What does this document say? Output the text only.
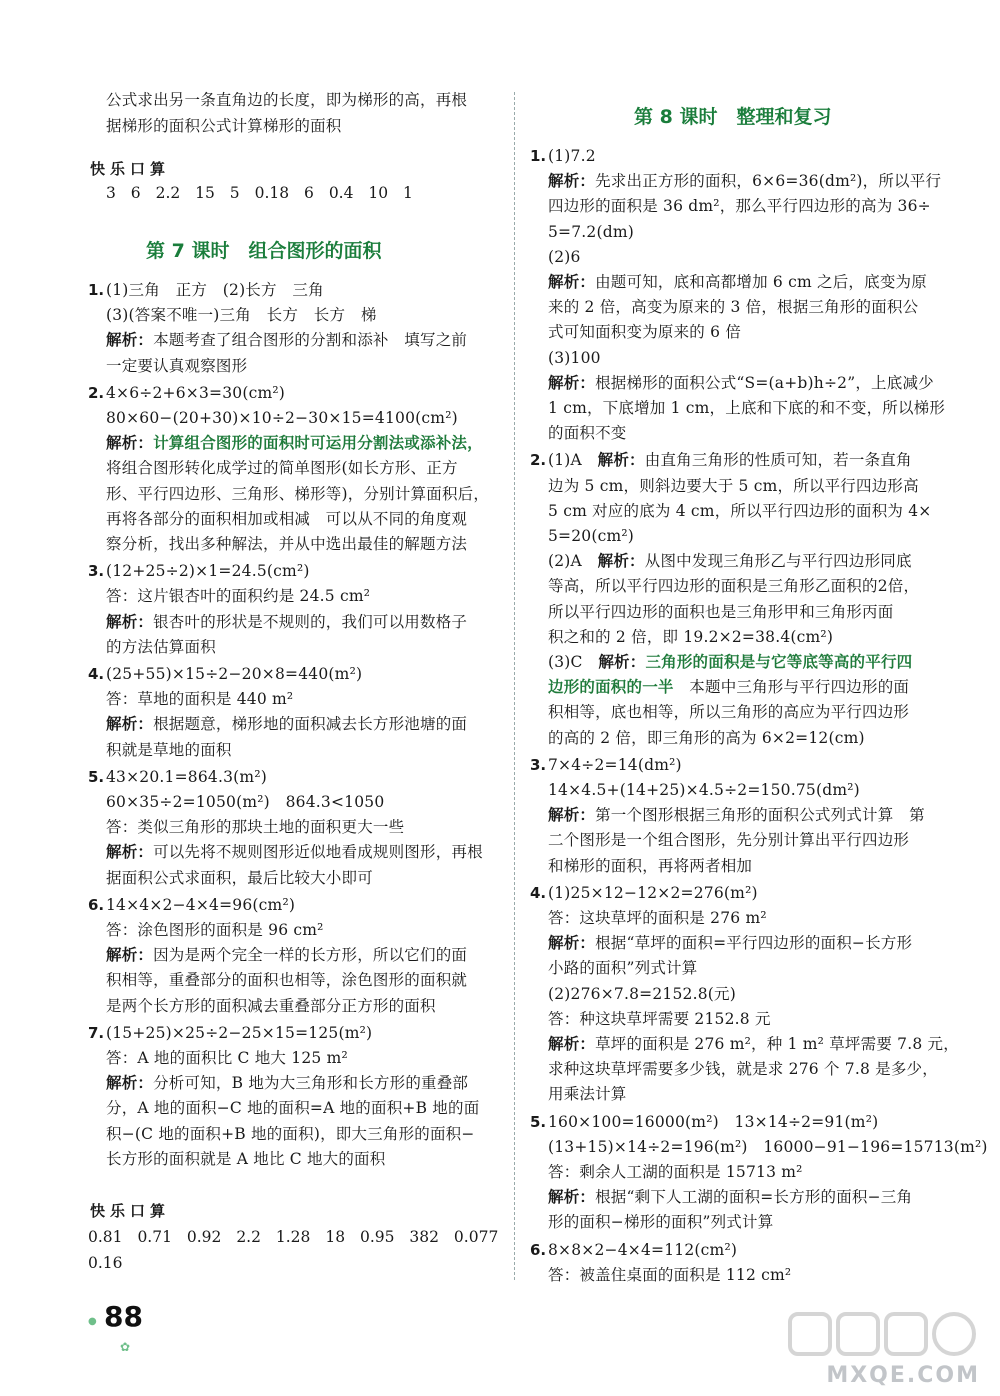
公式求出另一条直角边的长度，即为梯形的高，再根
据梯形的面积公式计算梯形的面积
快乐口算
3 6 2.2 15 5 0.18 6 0.4 10 1
第 7 课时　组合图形的面积
1. (1)三角　正方　(2)长方　三角
(3)(答案不唯一)三角　长方　长方　梯
解析：本题考查了组合图形的分割和添补　填写之前
一定要认真观察图形
2. 4×6÷2+6×3=30(cm²)
80×60−(20+30)×10÷2−30×15=4100(cm²)
解析：计算组合图形的面积时可运用分割法或添补法，
将组合图形转化成学过的简单图形(如长方形、正方
形、平行四边形、三角形、梯形等)，分别计算面积后，
再将各部分的面积相加或相减　可以从不同的角度观
察分析，找出多种解法，并从中选出最佳的解题方法
3. (12+25÷2)×1=24.5(cm²)
答：这片银杏叶的面积约是 24.5 cm²
解析：银杏叶的形状是不规则的，我们可以用数格子
的方法估算面积
4. (25+55)×15÷2−20×8=440(m²)
答：草地的面积是 440 m²
解析：根据题意，梯形地的面积减去长方形池塘的面
积就是草地的面积
5. 43×20.1=864.3(m²)
60×35÷2=1050(m²)　864.3<1050
答：类似三角形的那块土地的面积更大一些
解析：可以先将不规则图形近似地看成规则图形，再根
据面积公式求面积，最后比较大小即可
6. 14×4×2−4×4=96(cm²)
答：涂色图形的面积是 96 cm²
解析：因为是两个完全一样的长方形，所以它们的面
积相等，重叠部分的面积也相等，涂色图形的面积就
是两个长方形的面积减去重叠部分正方形的面积
7. (15+25)×25÷2−25×15=125(m²)
答：A 地的面积比 C 地大 125 m²
解析：分析可知，B 地为大三角形和长方形的重叠部
分，A 地的面积−C 地的面积=A 地的面积+B 地的面
积−(C 地的面积+B 地的面积)，即大三角形的面积−
长方形的面积就是 A 地比 C 地大的面积
快乐口算
0.81 0.71 0.92 2.2 1.28 18 0.95 382 0.077
0.16
第 8 课时　整理和复习
1. (1)7.2
解析：先求出正方形的面积，6×6=36(dm²)，所以平行
四边形的面积是 36 dm²，那么平行四边形的高为 36÷
5=7.2(dm)
(2)6
解析：由题可知，底和高都增加 6 cm 之后，底变为原
来的 2 倍，高变为原来的 3 倍，根据三角形的面积公
式可知面积变为原来的 6 倍
(3)100
解析：根据梯形的面积公式“S=(a+b)h÷2”，上底减少
1 cm，下底增加 1 cm，上底和下底的和不变，所以梯形
的面积不变
2. (1)A　解析：由直角三角形的性质可知，若一条直角
边为 5 cm，则斜边要大于 5 cm，所以平行四边形高
5 cm 对应的底为 4 cm，所以平行四边形的面积为 4×
5=20(cm²)
(2)A　解析：从图中发现三角形乙与平行四边形同底
等高，所以平行四边形的面积是三角形乙面积的2倍，
所以平行四边形的面积也是三角形甲和三角形丙面
积之和的 2 倍，即 19.2×2=38.4(cm²)
(3)C　解析：三角形的面积是与它等底等高的平行四
边形的面积的一半　本题中三角形与平行四边形的面
积相等，底也相等，所以三角形的高应为平行四边形
的高的 2 倍，即三角形的高为 6×2=12(cm)
3. 7×4÷2=14(dm²)
14×4.5+(14+25)×4.5÷2=150.75(dm²)
解析：第一个图形根据三角形的面积公式列式计算　第
二个图形是一个组合图形，先分别计算出平行四边形
和梯形的面积，再将两者相加
4. (1)25×12−12×2=276(m²)
答：这块草坪的面积是 276 m²
解析：根据“草坪的面积=平行四边形的面积−长方形
小路的面积”列式计算
(2)276×7.8=2152.8(元)
答：种这块草坪需要 2152.8 元
解析：草坪的面积是 276 m²，种 1 m² 草坪需要 7.8 元，
求种这块草坪需要多少钱，就是求 276 个 7.8 是多少，
用乘法计算
5. 160×100=16000(m²)　13×14÷2=91(m²)
(13+15)×14÷2=196(m²)　16000−91−196=15713(m²)
答：剩余人工湖的面积是 15713 m²
解析：根据“剩下人工湖的面积=长方形的面积−三角
形的面积−梯形的面积”列式计算
6. 8×8×2−4×4=112(cm²)
答：被盖住桌面的面积是 112 cm²
● 88
✿
MXQE.COM
